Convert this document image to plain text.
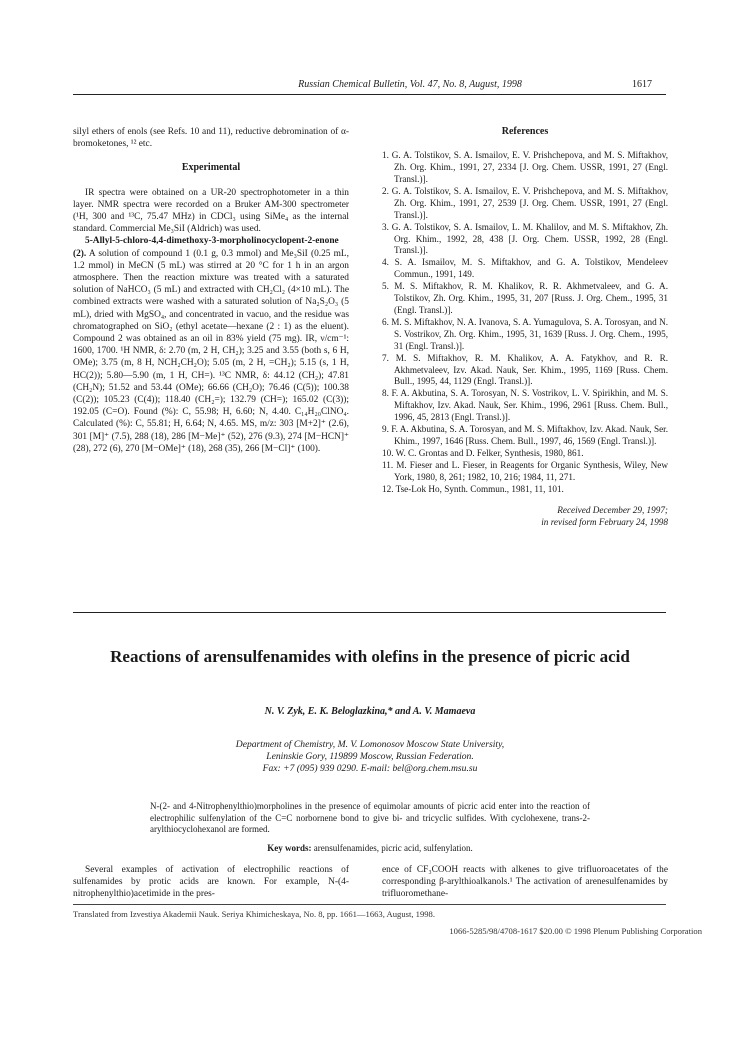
Russian Chemical Bulletin, Vol. 47, No. 8, August, 1998	1617

silyl ethers of enols (see Refs. 10 and 11), reductive debromination of α-bromoketones, ¹² etc.

Experimental

IR spectra were obtained on a UR-20 spectrophotometer in a thin layer. NMR spectra were recorded on a Bruker AM-300 spectrometer (¹H, 300 and ¹³C, 75.47 MHz) in CDCl₃ using SiMe₄ as the internal standard. Commercial Me₃SiI (Aldrich) was used.

5-Allyl-5-chloro-4,4-dimethoxy-3-morpholinocyclopent-2-enone (2). A solution of compound 1 (0.1 g, 0.3 mmol) and Me₃SiI (0.25 mL, 1.2 mmol) in MeCN (5 mL) was stirred at 20 °C for 1 h in an argon atmosphere. Then the reaction mixture was treated with a saturated solution of NaHCO₃ (5 mL) and extracted with CH₂Cl₂ (4×10 mL). The combined extracts were washed with a saturated solution of Na₂S₂O₃ (5 mL), dried with MgSO₄, and concentrated in vacuo, and the residue was chromatographed on SiO₂ (ethyl acetate—hexane (2 : 1) as the eluent). Compound 2 was obtained as an oil in 83% yield (75 mg). IR, ν/cm⁻¹: 1600, 1700. ¹H NMR, δ: 2.70 (m, 2 H, CH₂); 3.25 and 3.55 (both s, 6 H, OMe); 3.75 (m, 8 H, NCH₂CH₂O); 5.05 (m, 2 H, =CH₂); 5.15 (s, 1 H, HC(2)); 5.80—5.90 (m, 1 H, CH=). ¹³C NMR, δ: 44.12 (CH₂); 47.81 (CH₂N); 51.52 and 53.44 (OMe); 66.66 (CH₂O); 76.46 (C(5)); 100.38 (C(2)); 105.23 (C(4)); 118.40 (CH₂=); 132.79 (CH=); 165.02 (C(3)); 192.05 (C=O). Found (%): C, 55.98; H, 6.60; N, 4.40. C₁₄H₂₀ClNO₄. Calculated (%): C, 55.81; H, 6.64; N, 4.65. MS, m/z: 303 [M+2]⁺ (2.6), 301 [M]⁺ (7.5), 288 (18), 286 [M−Me]⁺ (52), 276 (9.3), 274 [M−HCN]⁺ (28), 272 (6), 270 [M−OMe]⁺ (18), 268 (35), 266 [M−Cl]⁺ (100).

References

1. G. A. Tolstikov, S. A. Ismailov, E. V. Prishchepova, and M. S. Miftakhov, Zh. Org. Khim., 1991, 27, 2334 [J. Org. Chem. USSR, 1991, 27 (Engl. Transl.)].

2. G. A. Tolstikov, S. A. Ismailov, E. V. Prishchepova, and M. S. Miftakhov, Zh. Org. Khim., 1991, 27, 2539 [J. Org. Chem. USSR, 1991, 27 (Engl. Transl.)].

3. G. A. Tolstikov, S. A. Ismailov, L. M. Khalilov, and M. S. Miftakhov, Zh. Org. Khim., 1992, 28, 438 [J. Org. Chem. USSR, 1992, 28 (Engl. Transl.)].

4. S. A. Ismailov, M. S. Miftakhov, and G. A. Tolstikov, Mendeleev Commun., 1991, 149.

5. M. S. Miftakhov, R. M. Khalikov, R. R. Akhmetvaleev, and G. A. Tolstikov, Zh. Org. Khim., 1995, 31, 207 [Russ. J. Org. Chem., 1995, 31 (Engl. Transl.)].

6. M. S. Miftakhov, N. A. Ivanova, S. A. Yumagulova, S. A. Torosyan, and N. S. Vostrikov, Zh. Org. Khim., 1995, 31, 1639 [Russ. J. Org. Chem., 1995, 31 (Engl. Transl.)].

7. M. S. Miftakhov, R. M. Khalikov, A. A. Fatykhov, and R. R. Akhmetvaleev, Izv. Akad. Nauk, Ser. Khim., 1995, 1169 [Russ. Chem. Bull., 1995, 44, 1129 (Engl. Transl.)].

8. F. A. Akbutina, S. A. Torosyan, N. S. Vostrikov, L. V. Spirikhin, and M. S. Miftakhov, Izv. Akad. Nauk, Ser. Khim., 1996, 2961 [Russ. Chem. Bull., 1996, 45, 2813 (Engl. Transl.)].

9. F. A. Akbutina, S. A. Torosyan, and M. S. Miftakhov, Izv. Akad. Nauk, Ser. Khim., 1997, 1646 [Russ. Chem. Bull., 1997, 46, 1569 (Engl. Transl.)].

10. W. C. Grontas and D. Felker, Synthesis, 1980, 861.

11. M. Fieser and L. Fieser, in Reagents for Organic Synthesis, Wiley, New York, 1980, 8, 261; 1982, 10, 216; 1984, 11, 271.

12. Tse-Lok Ho, Synth. Commun., 1981, 11, 101.

Received December 29, 1997;
in revised form February 24, 1998
Reactions of arensulfenamides with olefins in the presence of picric acid
N. V. Zyk, E. K. Beloglazkina,* and A. V. Mamaeva
Department of Chemistry, M. V. Lomonosov Moscow State University,
Leninskie Gory, 119899 Moscow, Russian Federation.
Fax: +7 (095) 939 0290. E-mail: bel@org.chem.msu.su
N-(2- and 4-Nitrophenylthio)morpholines in the presence of equimolar amounts of picric acid enter into the reaction of electrophilic sulfenylation of the C=C norbornene bond to give bi- and tricyclic sulfides. With cyclohexene, trans-2-arylthiocyclohexanol are formed.
Key words: arensulfenamides, picric acid, sulfenylation.
Several examples of activation of electrophilic reactions of sulfenamides by protic acids are known. For example, N-(4-nitrophenylthio)acetimide in the pres-
ence of CF₃COOH reacts with alkenes to give trifluoroacetates of the corresponding β-arylthioalkanols.¹ The activation of arenesulfenamides by trifluoromethane-
Translated from Izvestiya Akademii Nauk. Seriya Khimicheskaya, No. 8, pp. 1661—1663, August, 1998.
1066-5285/98/4708-1617 $20.00 © 1998 Plenum Publishing Corporation
